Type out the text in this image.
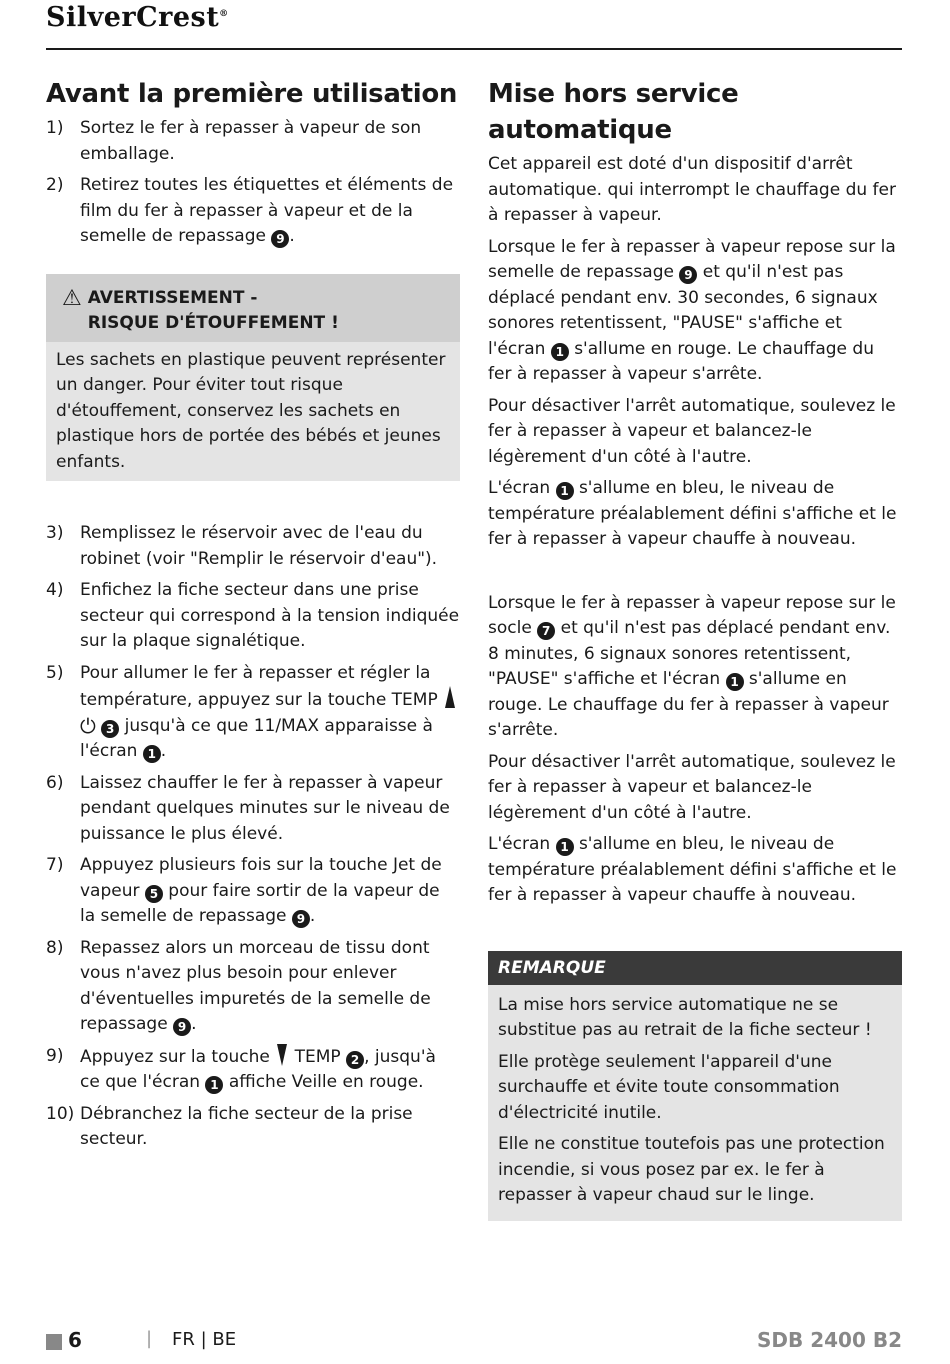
SilverCrest®
Avant la première utilisation
1) Sortez le fer à repasser à vapeur de son emballage.
2) Retirez toutes les étiquettes et éléments de film du fer à repasser à vapeur et de la semelle de repassage 9 .
⚠ AVERTISSEMENT -
RISQUE D'ÉTOUFFEMENT !
Les sachets en plastique peuvent représenter un danger. Pour éviter tout risque d'étouffement, conservez les sachets en plastique hors de portée des bébés et jeunes enfants.
3) Remplissez le réservoir avec de l'eau du robinet (voir "Remplir le réservoir d'eau").
4) Enfichez la fiche secteur dans une prise secteur qui correspond à la tension indiquée sur la plaque signalétique.
5) Pour allumer le fer à repasser et régler la température, appuyez sur la touche TEMP  ⏻ 3 jusqu'à ce que 11/MAX apparaisse à l'écran 1 .
6) Laissez chauffer le fer à repasser à vapeur pendant quelques minutes sur le niveau de puissance le plus élevé.
7) Appuyez plusieurs fois sur la touche Jet de vapeur 5 pour faire sortir de la vapeur de la semelle de repassage 9 .
8) Repassez alors un morceau de tissu dont vous n'avez plus besoin pour enlever d'éventuelles impuretés de la semelle de repassage 9 .
9) Appuyez sur la touche  TEMP 2 , jusqu'à ce que l'écran 1 affiche Veille en rouge.
10) Débranchez la fiche secteur de la prise secteur.
Mise hors service automatique

Cet appareil est doté d'un dispositif d'arrêt automatique. qui interrompt le chauffage du fer à repasser à vapeur.

Lorsque le fer à repasser à vapeur repose sur la semelle de repassage 9 et qu'il n'est pas déplacé pendant env. 30 secondes, 6 signaux sonores retentissent, "PAUSE" s'affiche et l'écran 1 s'allume en rouge. Le chauffage du fer à repasser à vapeur s'arrête.

Pour désactiver l'arrêt automatique, soulevez le fer à repasser à vapeur et balancez-le légèrement d'un côté à l'autre.

L'écran 1 s'allume en bleu, le niveau de température préalablement défini s'affiche et le fer à repasser à vapeur chauffe à nouveau.

Lorsque le fer à repasser à vapeur repose sur le socle 7 et qu'il n'est pas déplacé pendant env. 8 minutes, 6 signaux sonores retentissent, "PAUSE" s'affiche et l'écran 1 s'allume en rouge. Le chauffage du fer à repasser à vapeur s'arrête.

Pour désactiver l'arrêt automatique, soulevez le fer à repasser à vapeur et balancez-le légèrement d'un côté à l'autre.

L'écran 1 s'allume en bleu, le niveau de température préalablement défini s'affiche et le fer à repasser à vapeur chauffe à nouveau.

REMARQUE

La mise hors service automatique ne se substitue pas au retrait de la fiche secteur !

Elle protège seulement l'appareil d'une surchauffe et évite toute consommation d'électricité inutile.

Elle ne constitue toutefois pas une protection incendie, si vous posez par ex. le fer à repasser à vapeur chaud sur le linge.

6	| FR | BE	SDB 2400 B2
